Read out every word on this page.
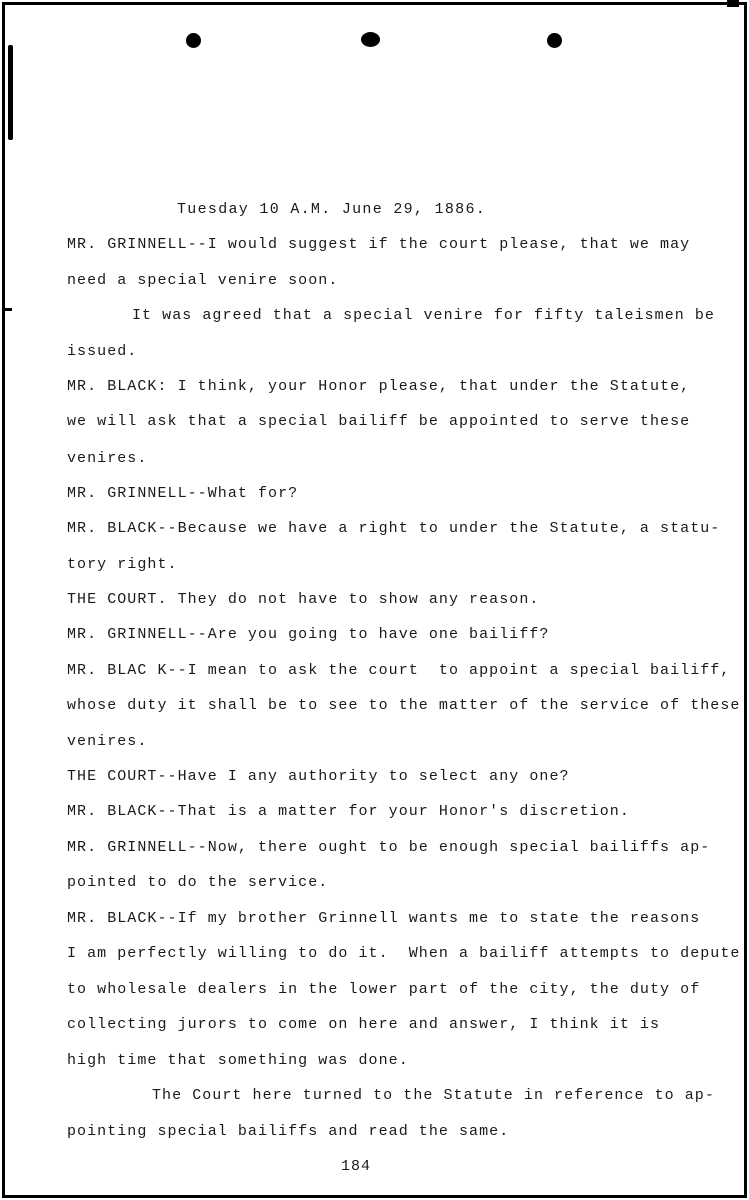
Tuesday 10 A.M. June 29, 1886.
MR. GRINNELL--I would suggest if the court please, that we may
need a special venire soon.
It was agreed that a special venire for fifty taleismen be
issued.
MR. BLACK: I think, your Honor please, that under the Statute,
we will ask that a special bailiff be appointed to serve these
venires.
MR. GRINNELL--What for?
MR. BLACK--Because we have a right to under the Statute, a statu-
tory right.
THE COURT. They do not have to show any reason.
MR. GRINNELL--Are you going to have one bailiff?
MR. BLAC K--I mean to ask the court  to appoint a special bailiff,
whose duty it shall be to see to the matter of the service of these
venires.
THE COURT--Have I any authority to select any one?
MR. BLACK--That is a matter for your Honor's discretion.
MR. GRINNELL--Now, there ought to be enough special bailiffs ap-
pointed to do the service.
MR. BLACK--If my brother Grinnell wants me to state the reasons
I am perfectly willing to do it.  When a bailiff attempts to depute
to wholesale dealers in the lower part of the city, the duty of
collecting jurors to come on here and answer, I think it is
high time that something was done.
The Court here turned to the Statute in reference to ap-
pointing special bailiffs and read the same.
184
